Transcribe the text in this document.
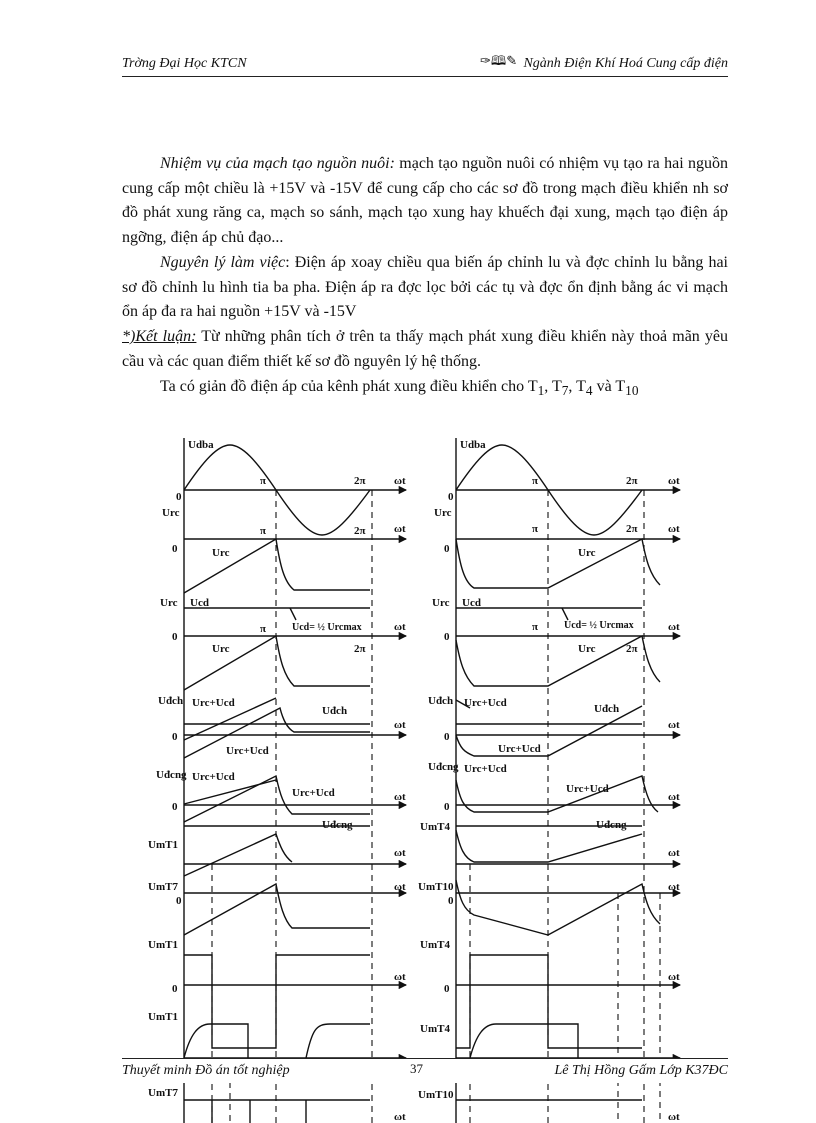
Trờng Đại Học KTCN	✑🕮✎ Ngành Điện Khí Hoá Cung cấp điện
Nhiệm vụ của mạch tạo nguồn nuôi: mạch tạo nguồn nuôi có nhiệm vụ tạo ra hai nguồn cung cấp một chiều là +15V và -15V để cung cấp cho các sơ đồ trong mạch điều khiển nh sơ đồ phát xung răng ca, mạch so sánh, mạch tạo xung hay khuếch đại xung, mạch tạo điện áp ngỡng, điện áp chủ đạo...
Nguyên lý làm việc: Điện áp xoay chiều qua biến áp chỉnh lu và đợc chỉnh lu bằng hai sơ đồ chỉnh lu hình tia ba pha. Điện áp ra đợc lọc bởi các tụ và đợc ổn định bằng ác vi mạch ổn áp đa ra hai nguồn +15V và -15V
*)Kết luận: Từ những phân tích ở trên ta thấy mạch phát xung điều khiển này thoả mãn yêu cầu và các quan điểm thiết kế sơ đồ nguyên lý hệ thống.
Ta có giản đồ điện áp của kênh phát xung điều khiển cho $T_1$, $T_7$, $T_4$ và $T_{10}$
Udba
0
π	2π	ωt
Urc
π	2π	ωt
0	Urc
Urc Ucd
Ucd= ½ Urcmax
π	ωt
0
Urc	2π
Uđch Urc+Ucd
Uđch
Urc+Ucd
ωt
0
Uđcng Urc+Ucd
Urc+Ucd
Uđcng
ωt
0
UmT1
ωt
UmT7
0
ωt
UmT1
ωt
0
UmT1
UmT7
ωt
Udba
0
π	2π	ωt
Urc
π	2π	ωt
0	Urc
Urc Ucd
Ucd= ½ Urcmax
π	ωt
0
Urc	2π
Uđch Urc+Ucd	Uđch
Urc+Ucd
ωt
0
Uđcng Urc+Ucd
Urc+Ucd
Uđcng
ωt
0
UmT4
ωt
UmT10
0
ωt
UmT4
ωt
0
UmT4
UmT10
ωt
Thuyết minh Đồ án tốt nghiệp	37	Lê Thị Hồng Gấm Lớp K37ĐC
